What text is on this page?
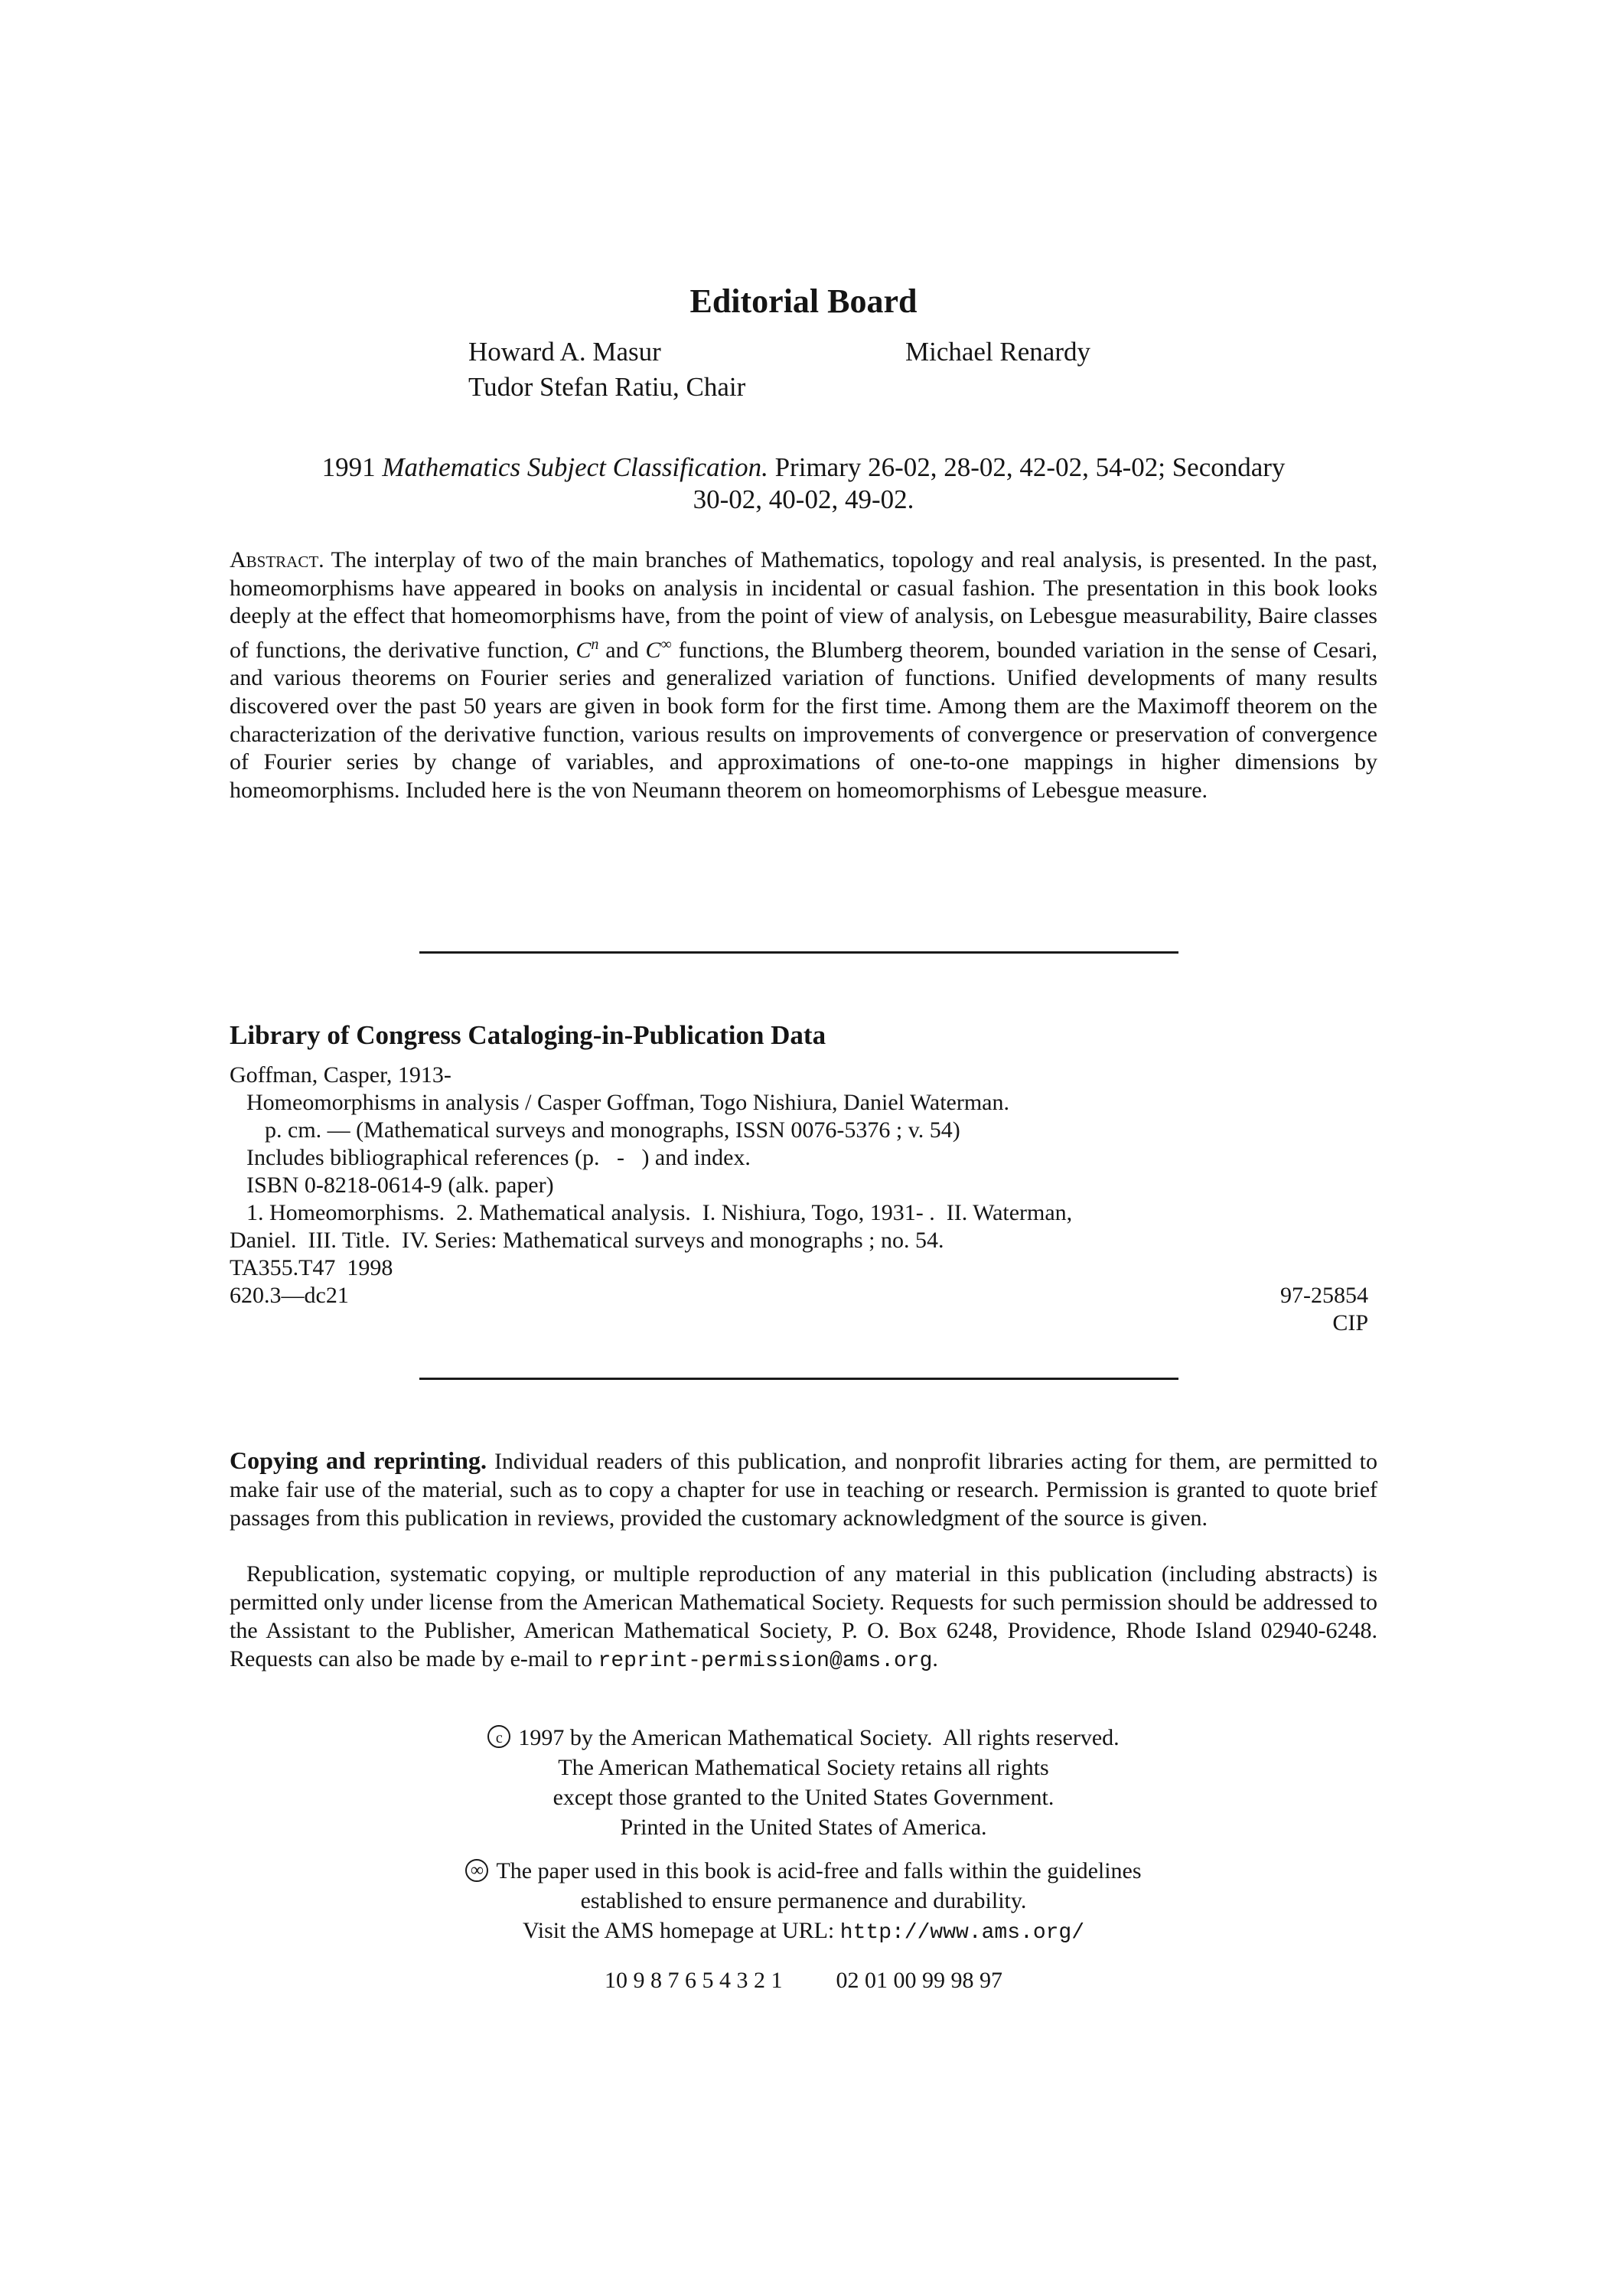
Editorial Board
Howard A. Masur	Michael Renardy
Tudor Stefan Ratiu, Chair
1991 Mathematics Subject Classification. Primary 26-02, 28-02, 42-02, 54-02; Secondary
30-02, 40-02, 49-02.
Abstract. The interplay of two of the main branches of Mathematics, topology and real analysis, is presented. In the past, homeomorphisms have appeared in books on analysis in incidental or casual fashion. The presentation in this book looks deeply at the effect that homeomorphisms have, from the point of view of analysis, on Lebesgue measurability, Baire classes of functions, the derivative function, $C^n$ and C∞ functions, the Blumberg theorem, bounded variation in the sense of Cesari, and various theorems on Fourier series and generalized variation of functions. Unified developments of many results discovered over the past 50 years are given in book form for the first time. Among them are the Maximoff theorem on the characterization of the derivative function, various results on improvements of convergence or preservation of convergence of Fourier series by change of variables, and approximations of one-to-one mappings in higher dimensions by homeomorphisms. Included here is the von Neumann theorem on homeomorphisms of Lebesgue measure.
Library of Congress Cataloging-in-Publication Data
Goffman, Casper, 1913-
Homeomorphisms in analysis / Casper Goffman, Togo Nishiura, Daniel Waterman.
p. cm. — (Mathematical surveys and monographs, ISSN 0076-5376 ; v. 54)
Includes bibliographical references (p.   -   ) and index.
ISBN 0-8218-0614-9 (alk. paper)
1. Homeomorphisms.  2. Mathematical analysis.  I. Nishiura, Togo, 1931- .  II. Waterman,
Daniel.  III. Title.  IV. Series: Mathematical surveys and monographs ; no. 54.
TA355.T47  1998
620.3—dc21	97-25854
CIP
Copying and reprinting. Individual readers of this publication, and nonprofit libraries acting for them, are permitted to make fair use of the material, such as to copy a chapter for use in teaching or research. Permission is granted to quote brief passages from this publication in reviews, provided the customary acknowledgment of the source is given.
Republication, systematic copying, or multiple reproduction of any material in this publication (including abstracts) is permitted only under license from the American Mathematical Society. Requests for such permission should be addressed to the Assistant to the Publisher, American Mathematical Society, P. O. Box 6248, Providence, Rhode Island 02940-6248. Requests can also be made by e-mail to reprint-permission@ams.org.
c 1997 by the American Mathematical Society.  All rights reserved.
The American Mathematical Society retains all rights
except those granted to the United States Government.
Printed in the United States of America.
∞ The paper used in this book is acid-free and falls within the guidelines
established to ensure permanence and durability.
Visit the AMS homepage at URL: http://www.ams.org/
10 9 8 7 6 5 4 3 2 1 02 01 00 99 98 97
